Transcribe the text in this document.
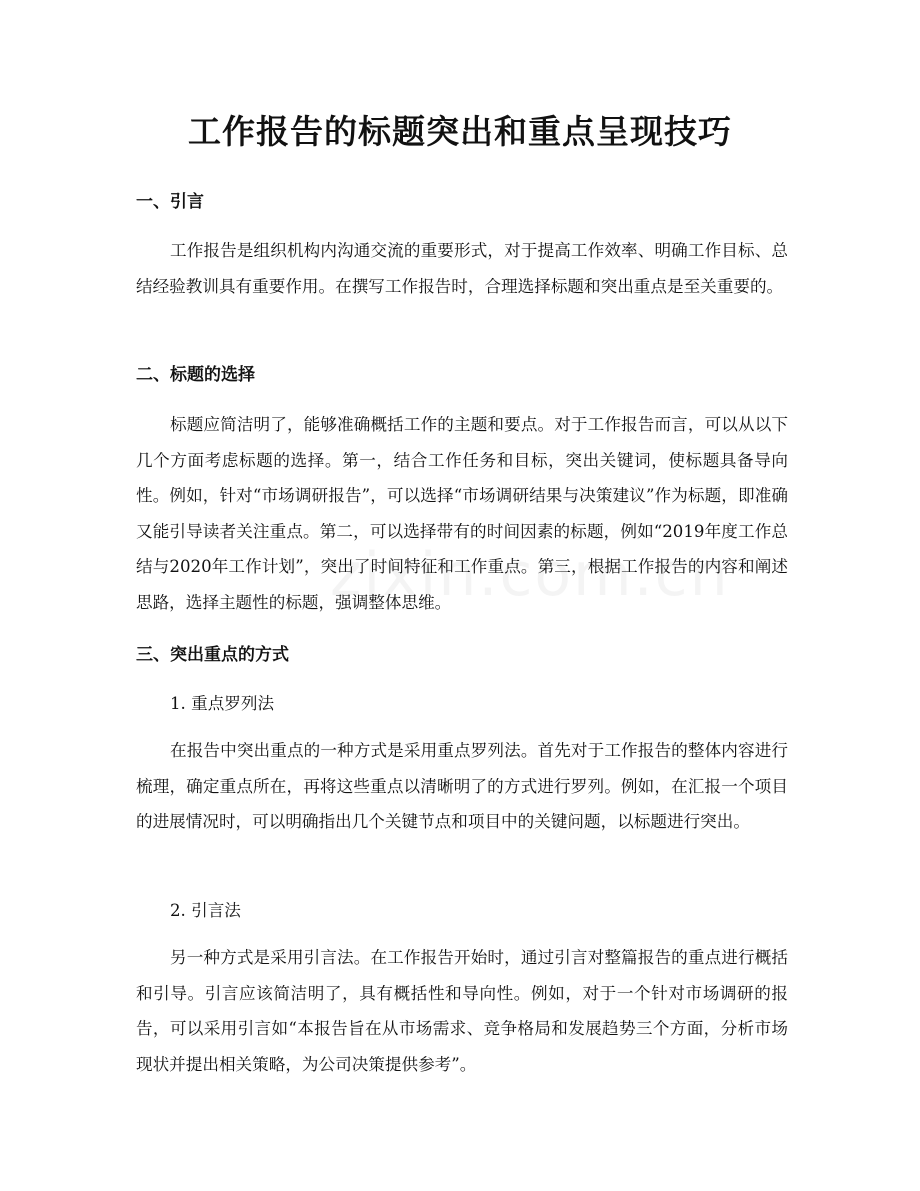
工作报告的标题突出和重点呈现技巧
一、引言

工作报告是组织机构内沟通交流的重要形式，对于提高工作效率、明确工作目标、总结经验教训具有重要作用。在撰写工作报告时，合理选择标题和突出重点是至关重要的。

二、标题的选择

标题应简洁明了，能够准确概括工作的主题和要点。对于工作报告而言，可以从以下几个方面考虑标题的选择。第一，结合工作任务和目标，突出关键词，使标题具备导向性。例如，针对“市场调研报告”，可以选择“市场调研结果与决策建议”作为标题，即准确又能引导读者关注重点。第二，可以选择带有的时间因素的标题，例如“2019年度工作总结与2020年工作计划”，突出了时间特征和工作重点。第三，根据工作报告的内容和阐述思路，选择主题性的标题，强调整体思维。

三、突出重点的方式

1. 重点罗列法

在报告中突出重点的一种方式是采用重点罗列法。首先对于工作报告的整体内容进行梳理，确定重点所在，再将这些重点以清晰明了的方式进行罗列。例如，在汇报一个项目的进展情况时，可以明确指出几个关键节点和项目中的关键问题，以标题进行突出。

2. 引言法

另一种方式是采用引言法。在工作报告开始时，通过引言对整篇报告的重点进行概括和引导。引言应该简洁明了，具有概括性和导向性。例如，对于一个针对市场调研的报告，可以采用引言如“本报告旨在从市场需求、竞争格局和发展趋势三个方面，分析市场现状并提出相关策略，为公司决策提供参考”。
